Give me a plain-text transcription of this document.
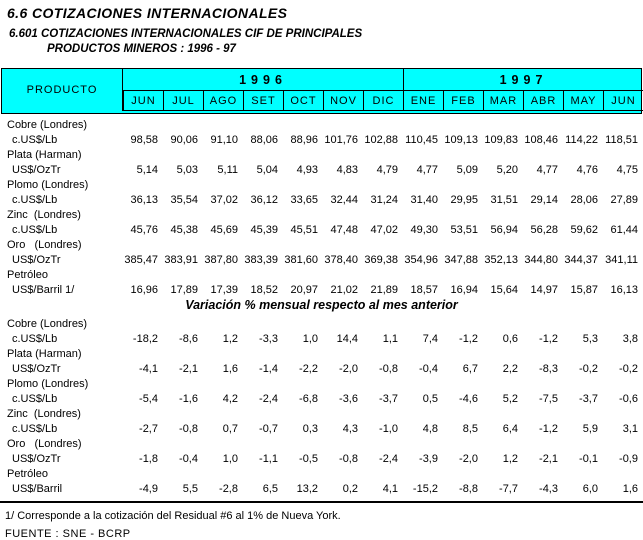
6.6 COTIZACIONES INTERNACIONALES
6.601 COTIZACIONES INTERNACIONALES CIF DE PRINCIPALES
PRODUCTOS MINEROS : 1996 - 97
PRODUCTO
1996	1997
JUN	JUL	AGO	SET	OCT	NOV	DIC	ENE	FEB	MAR	ABR	MAY	JUN
Cobre (Londres)
c.US$/Lb	98,58	90,06	91,10	88,06	88,96 101,76 102,88 110,45 109,13 109,83 108,46 114,22 118,51
Plata (Harman)
US$/OzTr	5,14	5,03	5,11	5,04	4,93	4,83	4,79	4,77	5,09	5,20	4,77	4,76	4,75
Plomo (Londres)
c.US$/Lb	36,13	35,54	37,02	36,12	33,65	32,44	31,24	31,40	29,95	31,51	29,14	28,06	27,89
Zinc  (Londres)
c.US$/Lb	45,76	45,38	45,69	45,39	45,51	47,48	47,02	49,30	53,51	56,94	56,28	59,62	61,44
Oro   (Londres)
US$/OzTr	385,47 383,91 387,80 383,39 381,60 378,40 369,38 354,96 347,88 352,13 344,80 344,37 341,11
Petróleo
US$/Barril 1/	16,96	17,89	17,39	18,52	20,97	21,02	21,89	18,57	16,94	15,64	14,97	15,87	16,13
Variación % mensual respecto al mes anterior
Cobre (Londres)
c.US$/Lb	-18,2	-8,6	1,2	-3,3	1,0	14,4	1,1	7,4	-1,2	0,6	-1,2	5,3	3,8
Plata (Harman)
US$/OzTr	-4,1	-2,1	1,6	-1,4	-2,2	-2,0	-0,8	-0,4	6,7	2,2	-8,3	-0,2	-0,2
Plomo (Londres)
c.US$/Lb	-5,4	-1,6	4,2	-2,4	-6,8	-3,6	-3,7	0,5	-4,6	5,2	-7,5	-3,7	-0,6
Zinc  (Londres)
c.US$/Lb	-2,7	-0,8	0,7	-0,7	0,3	4,3	-1,0	4,8	8,5	6,4	-1,2	5,9	3,1
Oro   (Londres)
US$/OzTr	-1,8	-0,4	1,0	-1,1	-0,5	-0,8	-2,4	-3,9	-2,0	1,2	-2,1	-0,1	-0,9
Petróleo
US$/Barril	-4,9	5,5	-2,8	6,5	13,2	0,2	4,1	-15,2	-8,8	-7,7	-4,3	6,0	1,6
1/ Corresponde a la cotización del Residual #6 al 1% de Nueva York.
FUENTE : SNE - BCRP
